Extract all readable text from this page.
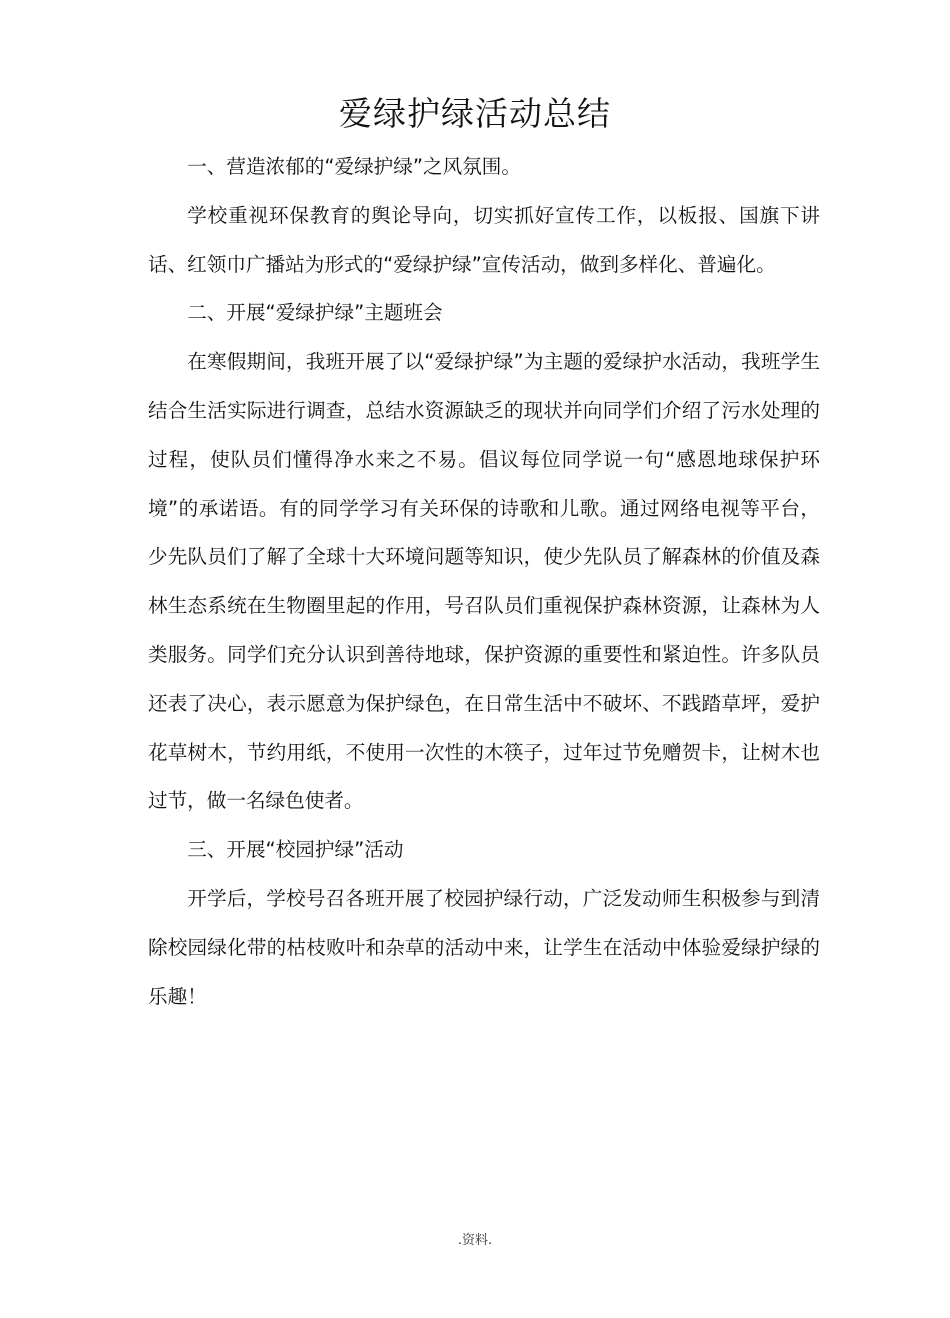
爱绿护绿活动总结

一、营造浓郁的“爱绿护绿”之风氛围。

学校重视环保教育的舆论导向，切实抓好宣传工作，以板报、国旗下讲话、红领巾广播站为形式的“爱绿护绿”宣传活动，做到多样化、普遍化。

二、开展“爱绿护绿”主题班会

在寒假期间，我班开展了以“爱绿护绿”为主题的爱绿护水活动，我班学生结合生活实际进行调查，总结水资源缺乏的现状并向同学们介绍了污水处理的过程，使队员们懂得净水来之不易。倡议每位同学说一句“感恩地球保护环境”的承诺语。有的同学学习有关环保的诗歌和儿歌。通过网络电视等平台，少先队员们了解了全球十大环境问题等知识，使少先队员了解森林的价值及森林生态系统在生物圈里起的作用，号召队员们重视保护森林资源，让森林为人类服务。同学们充分认识到善待地球，保护资源的重要性和紧迫性。许多队员还表了决心，表示愿意为保护绿色，在日常生活中不破坏、不践踏草坪，爱护花草树木，节约用纸，不使用一次性的木筷子，过年过节免赠贺卡，让树木也过节，做一名绿色使者。

三、开展“校园护绿”活动

开学后，学校号召各班开展了校园护绿行动，广泛发动师生积极参与到清除校园绿化带的枯枝败叶和杂草的活动中来，让学生在活动中体验爱绿护绿的乐趣！

.资料.
